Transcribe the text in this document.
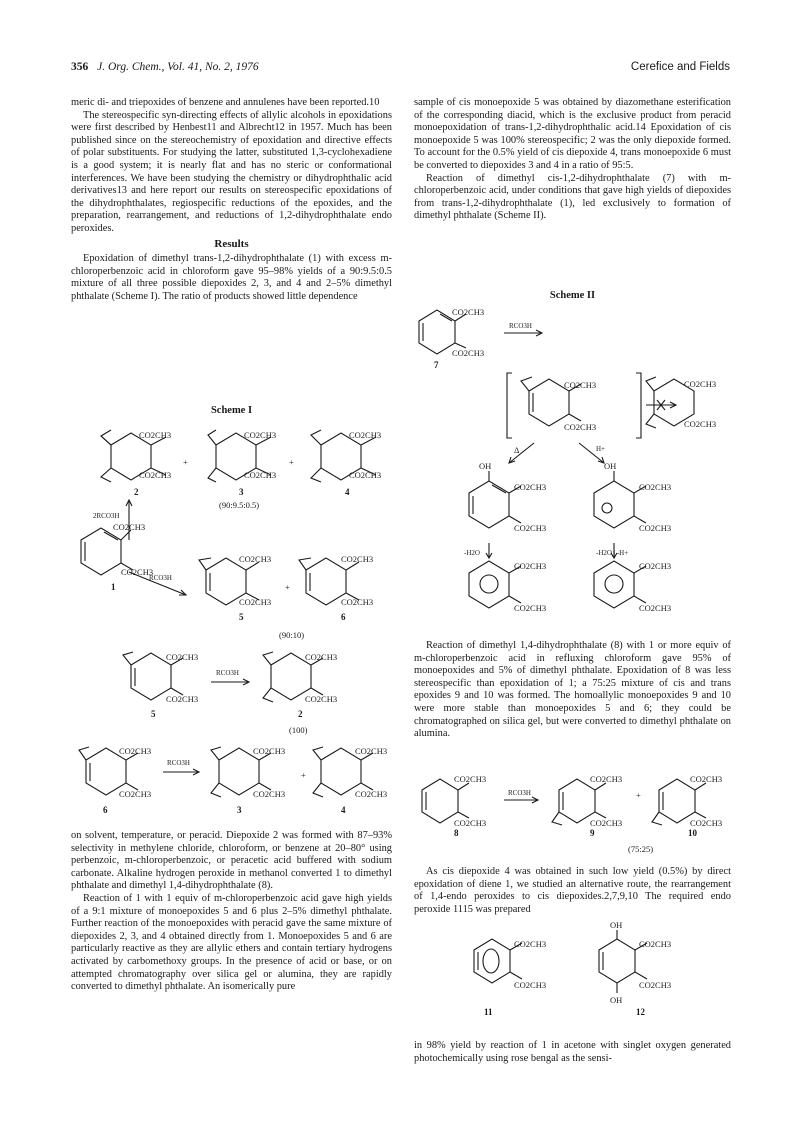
356 J. Org. Chem., Vol. 41, No. 2, 1976	Cerefice and Fields

meric di- and triepoxides of benzene and annulenes have been reported.10

The stereospecific syn-directing effects of allylic alcohols in epoxidations were first described by Henbest11 and Albrecht12 in 1957. Much has been published since on the stereochemistry of epoxidation and directive effects of polar substituents. For studying the latter, substituted 1,3-cyclohexadiene is a good system; it is nearly flat and has no steric or conformational interferences. We have been studying the chemistry or dihydrophthalic acid derivatives13 and here report our results on stereospecific epoxidations of the dihydrophthalates, regiospecific reductions of the epoxides, and the preparation, rearrangement, and reductions of 1,2-dihydrophthalate endo peroxides.

Results

Epoxidation of dimethyl trans-1,2-dihydrophthalate (1) with excess m-chloroperbenzoic acid in chloroform gave 95–98% yields of a 90:9.5:0.5 mixture of all three possible diepoxides 2, 3, and 4 and 2–5% dimethyl phthalate (Scheme I). The ratio of products showed little dependence

Scheme I
CO2CH3
CO2CH3
CO2CH3
CO2CH3
CO2CH3
CO2CH3
+	+
2	3	4
(90:9.5:0.5)
2RCO3H
CO2CH3
CO2CH3
1
RCO3H
CO2CH3
CO2CH3
CO2CH3
CO2CH3
+
5	6
(90:10)
CO2CH3
CO2CH3
RCO3H
CO2CH3
CO2CH3
5	2
(100)
CO2CH3
CO2CH3
RCO3H
CO2CH3
CO2CH3
+
CO2CH3
CO2CH3
6	3	4

on solvent, temperature, or peracid. Diepoxide 2 was formed with 87–93% selectivity in methylene chloride, chloroform, or benzene at 20–80° using perbenzoic, m-chloroperbenzoic, or peracetic acid buffered with sodium carbonate. Alkaline hydrogen peroxide in methanol converted 1 to dimethyl phthalate and dimethyl 1,4-dihydrophthalate (8).

Reaction of 1 with 1 equiv of m-chloroperbenzoic acid gave high yields of a 9:1 mixture of monoepoxides 5 and 6 plus 2–5% dimethyl phthalate. Further reaction of the monoepoxides with peracid gave the same mixture of diepoxides 2, 3, and 4 obtained directly from 1. Monoepoxides 5 and 6 are particularly reactive as they are allylic ethers and contain tertiary hydrogens activated by carbomethoxy groups. In the presence of acid or base, or on attempted chromatography over silica gel or alumina, they are rapidly converted to dimethyl phthalate. An isomerically pure

sample of cis monoepoxide 5 was obtained by diazomethane esterification of the corresponding diacid, which is the exclusive product from peracid monoepoxidation of trans-1,2-dihydrophthalic acid.14 Epoxidation of cis monoepoxide 5 was 100% stereospecific; 2 was the only diepoxide formed. To account for the 0.5% yield of cis diepoxide 4, trans monoepoxide 6 must be converted to diepoxides 3 and 4 in a ratio of 95:5.

Reaction of dimethyl cis-1,2-dihydrophthalate (7) with m-chloroperbenzoic acid, under conditions that gave high yields of diepoxides from trans-1,2-dihydrophthalate (1), led exclusively to formation of dimethyl phthalate (Scheme II).

Scheme II
CO2CH3
CO2CH3
RCO3H
7
CO2CH3
CO2CH3
CO2CH3
CO2CH3
Δ	H+
OH	OH
CO2CH3
CO2CH3
CO2CH3
CO2CH3
-H2O	-H2O | -H+
CO2CH3
CO2CH3
CO2CH3
CO2CH3

Reaction of dimethyl 1,4-dihydrophthalate (8) with 1 or more equiv of m-chloroperbenzoic acid in refluxing chloroform gave 95% of monoepoxides and 5% of dimethyl phthalate. Epoxidation of 8 was less stereospecific than epoxidation of 1; a 75:25 mixture of cis and trans epoxides 9 and 10 was formed. The homoallylic monoepoxides 9 and 10 were more stable than monoepoxides 5 and 6; they could be chromatographed on silica gel, but were converted to dimethyl phthalate on alumina.

CO2CH3
CO2CH3
RCO3H
CO2CH3
CO2CH3
+
CO2CH3
CO2CH3
8	9	10
(75:25)

As cis diepoxide 4 was obtained in such low yield (0.5%) by direct epoxidation of diene 1, we studied an alternative route, the rearrangement of 1,4-endo peroxides to cis diepoxides.2,7,9,10 The required endo peroxide 1115 was prepared

CO2CH3
CO2CH3
CO2CH3
CO2CH3
OH
OH
11	12

in 98% yield by reaction of 1 in acetone with singlet oxygen generated photochemically using rose bengal as the sensi-
